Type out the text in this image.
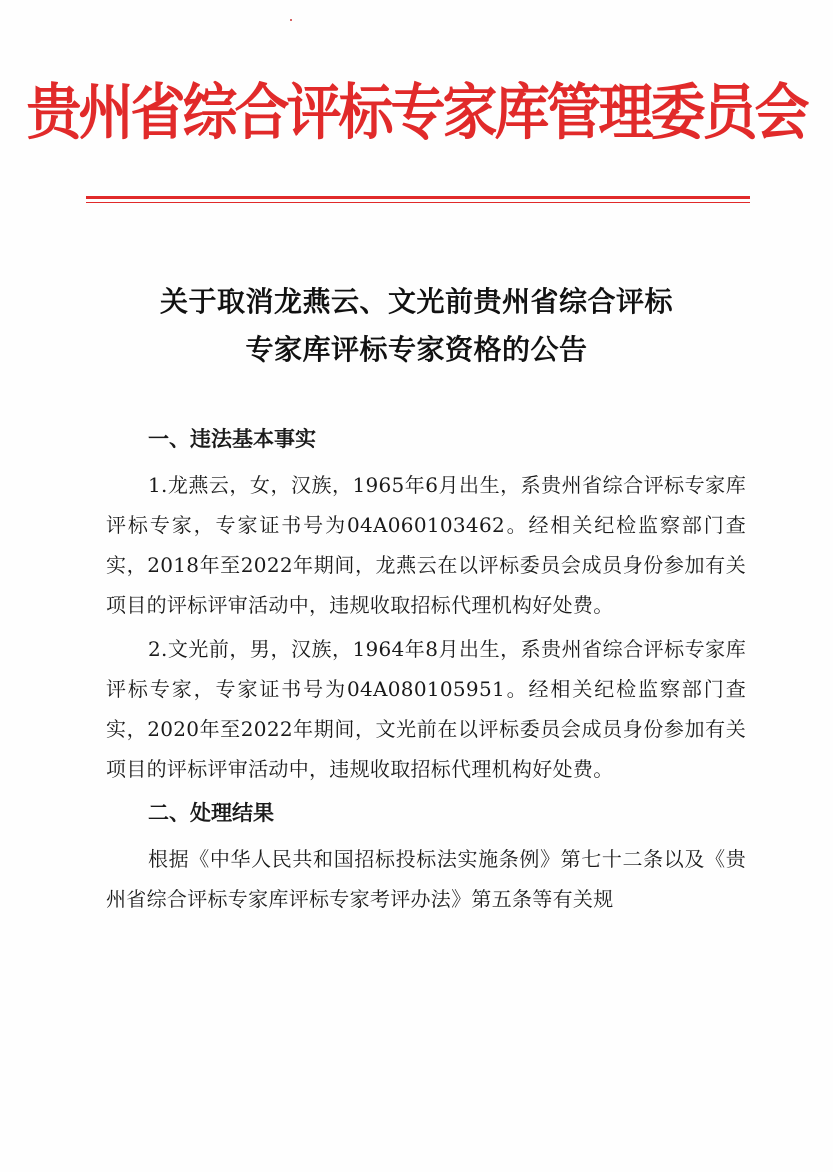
贵州省综合评标专家库管理委员会
关于取消龙燕云、文光前贵州省综合评标
专家库评标专家资格的公告
一、违法基本事实

1.龙燕云，女，汉族，1965年6月出生，系贵州省综合评标专家库评标专家，专家证书号为04A060103462。经相关纪检监察部门查实，2018年至2022年期间，龙燕云在以评标委员会成员身份参加有关项目的评标评审活动中，违规收取招标代理机构好处费。

2.文光前，男，汉族，1964年8月出生，系贵州省综合评标专家库评标专家，专家证书号为04A080105951。经相关纪检监察部门查实，2020年至2022年期间，文光前在以评标委员会成员身份参加有关项目的评标评审活动中，违规收取招标代理机构好处费。

二、处理结果

根据《中华人民共和国招标投标法实施条例》第七十二条以及《贵州省综合评标专家库评标专家考评办法》第五条等有关规
